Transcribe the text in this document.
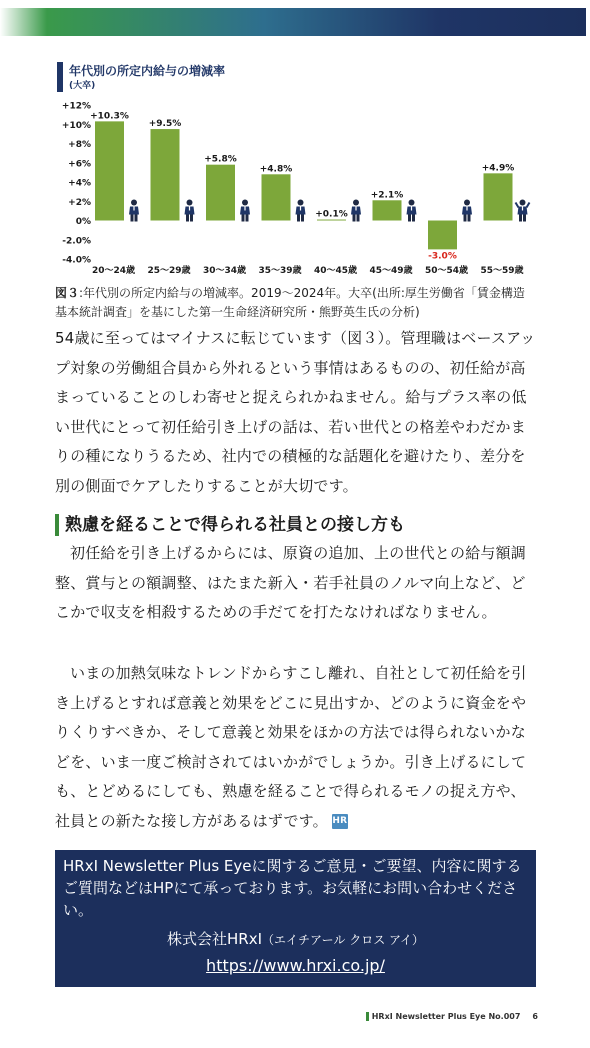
年代別の所定内給与の増減率
(大卒)
+12%
+10%
+8%
+6%
+4%
+2%
0%
-2.0%
-4.0%
+10.3%
20～24歳
+9.5%
25～29歳
+5.8%
30～34歳
+4.8%
35～39歳
+0.1%
40～45歳
+2.1%
45～49歳
-3.0%
50～54歳
+4.9%
55～59歳
図３:年代別の所定内給与の増減率。2019～2024年。大卒(出所:厚生労働省「賃金構造基本統計調査」を基にした第一生命経済研究所・熊野英生氏の分析)
54歳に至ってはマイナスに転じています（図３）。管理職はベースアップ対象の労働組合員から外れるという事情はあるものの、初任給が高まっていることのしわ寄せと捉えられかねません。給与プラス率の低い世代にとって初任給引き上げの話は、若い世代との格差やわだかまりの種になりうるため、社内での積極的な話題化を避けたり、差分を別の側面でケアしたりすることが大切です。
熟慮を経ることで得られる社員との接し方も
初任給を引き上げるからには、原資の追加、上の世代との給与額調整、賞与との額調整、はたまた新入・若手社員のノルマ向上など、どこかで収支を相殺するための手だてを打たなければなりません。
いまの加熱気味なトレンドからすこし離れ、自社として初任給を引き上げるとすれば意義と効果をどこに見出すか、どのように資金をやりくりすべきか、そして意義と効果をほかの方法では得られないかなどを、いま一度ご検討されてはいかがでしょうか。引き上げるにしても、とどめるにしても、熟慮を経ることで得られるモノの捉え方や、社員との新たな接し方があるはずです。 HR
HRxI Newsletter Plus Eyeに関するご意見・ご要望、内容に関するご質問などはHPにて承っております。お気軽にお問い合わせください。
株式会社HRxI（エイチアール クロス アイ）
https://www.hrxi.co.jp/
HRxI Newsletter Plus Eye No.007 6
